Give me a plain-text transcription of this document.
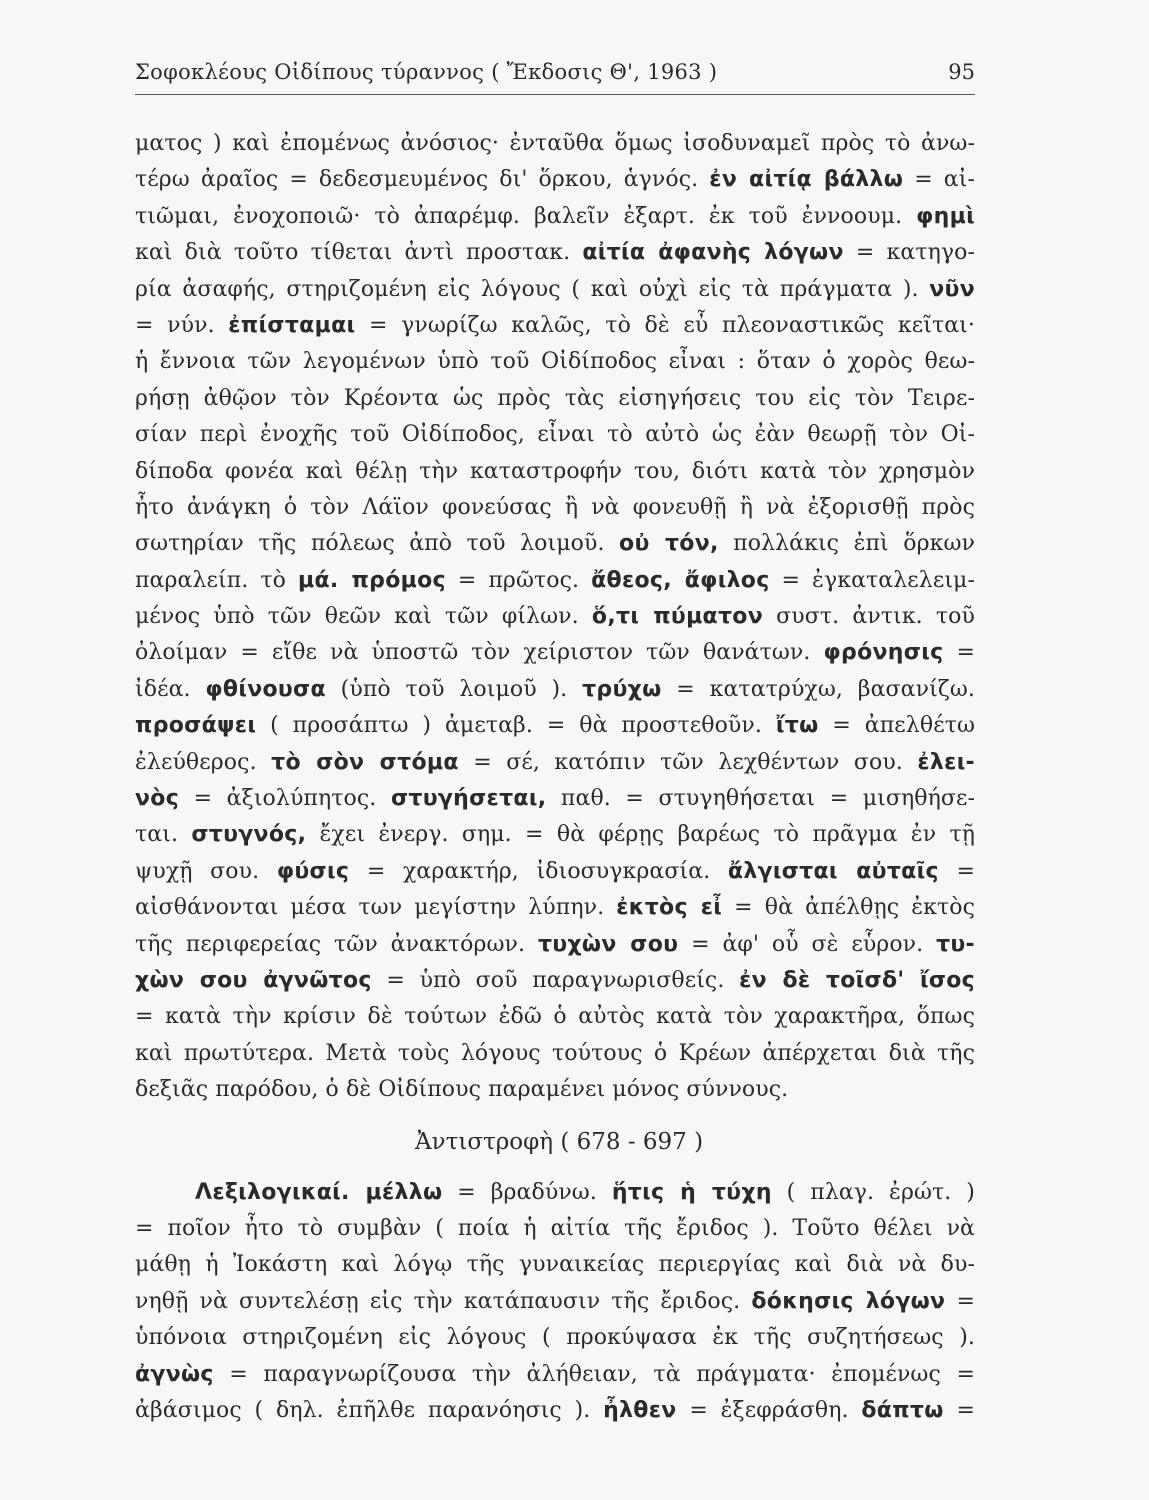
Σοφοκλέους Οἰδίπους τύραννος ( Ἔκδοσις Θ', 1963 )	95
ματος ) καὶ ἐπομένως ἀνόσιος· ἐνταῦθα ὅμως ἰσοδυναμεῖ πρὸς τὸ ἀνω-
τέρω ἀραῖος = δεδεσμευμένος δι' ὅρκου, ἁγνός. ἐν αἰτίᾳ βάλλω = αἰ-
τιῶμαι, ἐνοχοποιῶ· τὸ ἀπαρέμφ. βαλεῖν ἐξαρτ. ἐκ τοῦ ἐννοουμ. φημὶ
καὶ διὰ τοῦτο τίθεται ἀντὶ προστακ. αἰτία ἀφανὴς λόγων = κατηγο-
ρία ἀσαφής, στηριζομένη εἰς λόγους ( καὶ οὐχὶ εἰς τὰ πράγματα ). νῦν
= νύν. ἐπίσταμαι = γνωρίζω καλῶς, τὸ δὲ εὖ πλεοναστικῶς κεῖται·
ἡ ἔννοια τῶν λεγομένων ὑπὸ τοῦ Οἰδίποδος εἶναι : ὅταν ὁ χορὸς θεω-
ρήσῃ ἀθῷον τὸν Κρέοντα ὡς πρὸς τὰς εἰσηγήσεις του εἰς τὸν Τειρε-
σίαν περὶ ἐνοχῆς τοῦ Οἰδίποδος, εἶναι τὸ αὐτὸ ὡς ἐὰν θεωρῇ τὸν Οἰ-
δίποδα φονέα καὶ θέλῃ τὴν καταστροφήν του, διότι κατὰ τὸν χρησμὸν
ἦτο ἀνάγκη ὁ τὸν Λάϊον φονεύσας ἢ νὰ φονευθῇ ἢ νὰ ἐξορισθῇ πρὸς
σωτηρίαν τῆς πόλεως ἀπὸ τοῦ λοιμοῦ. οὐ τόν, πολλάκις ἐπὶ ὅρκων
παραλείπ. τὸ μά. πρόμος = πρῶτος. ἄθεος, ἄφιλος = ἐγκαταλελειμ-
μένος ὑπὸ τῶν θεῶν καὶ τῶν φίλων. ὅ,τι πύματον συστ. ἀντικ. τοῦ
ὀλοίμαν = εἴθε νὰ ὑποστῶ τὸν χείριστον τῶν θανάτων. φρόνησις =
ἰδέα. φθίνουσα (ὑπὸ τοῦ λοιμοῦ ). τρύχω = κατατρύχω, βασανίζω.
προσάψει ( προσάπτω ) ἀμεταβ. = θὰ προστεθοῦν. ἴτω = ἀπελθέτω
ἐλεύθερος. τὸ σὸν στόμα = σέ, κατόπιν τῶν λεχθέντων σου. ἐλει-
νὸς = ἀξιολύπητος. στυγήσεται, παθ. = στυγηθήσεται = μισηθήσε-
ται. στυγνός, ἔχει ἐνεργ. σημ. = θὰ φέρῃς βαρέως τὸ πρᾶγμα ἐν τῇ
ψυχῇ σου. φύσις = χαρακτήρ, ἰδιοσυγκρασία. ἄλγισται αὐταῖς =
αἰσθάνονται μέσα των μεγίστην λύπην. ἐκτὸς εἶ = θὰ ἀπέλθῃς ἐκτὸς
τῆς περιφερείας τῶν ἀνακτόρων. τυχὼν σου = ἀφ' οὗ σὲ εὗρον. τυ-
χὼν σου ἀγνῶτος = ὑπὸ σοῦ παραγνωρισθείς. ἐν δὲ τοῖσδ' ἴσος
= κατὰ τὴν κρίσιν δὲ τούτων ἐδῶ ὁ αὐτὸς κατὰ τὸν χαρακτῆρα, ὅπως
καὶ πρωτύτερα. Μετὰ τοὺς λόγους τούτους ὁ Κρέων ἀπέρχεται διὰ τῆς
δεξιᾶς παρόδου, ὁ δὲ Οἰδίπους παραμένει μόνος σύννους.
Ἀντιστροφὴ ( 678 - 697 )
Λεξιλογικαί. μέλλω = βραδύνω. ἥτις ἡ τύχη ( πλαγ. ἐρώτ. )
= ποῖον ἦτο τὸ συμβὰν ( ποία ἡ αἰτία τῆς ἔριδος ). Τοῦτο θέλει νὰ
μάθῃ ἡ Ἰοκάστη καὶ λόγῳ τῆς γυναικείας περιεργίας καὶ διὰ νὰ δυ-
νηθῇ νὰ συντελέσῃ εἰς τὴν κατάπαυσιν τῆς ἔριδος. δόκησις λόγων =
ὑπόνοια στηριζομένη εἰς λόγους ( προκύψασα ἐκ τῆς συζητήσεως ).
ἀγνὼς = παραγνωρίζουσα τὴν ἀλήθειαν, τὰ πράγματα· ἐπομένως =
ἀβάσιμος ( δηλ. ἐπῆλθε παρανόησις ). ἦλθεν = ἐξεφράσθη. δάπτω =
